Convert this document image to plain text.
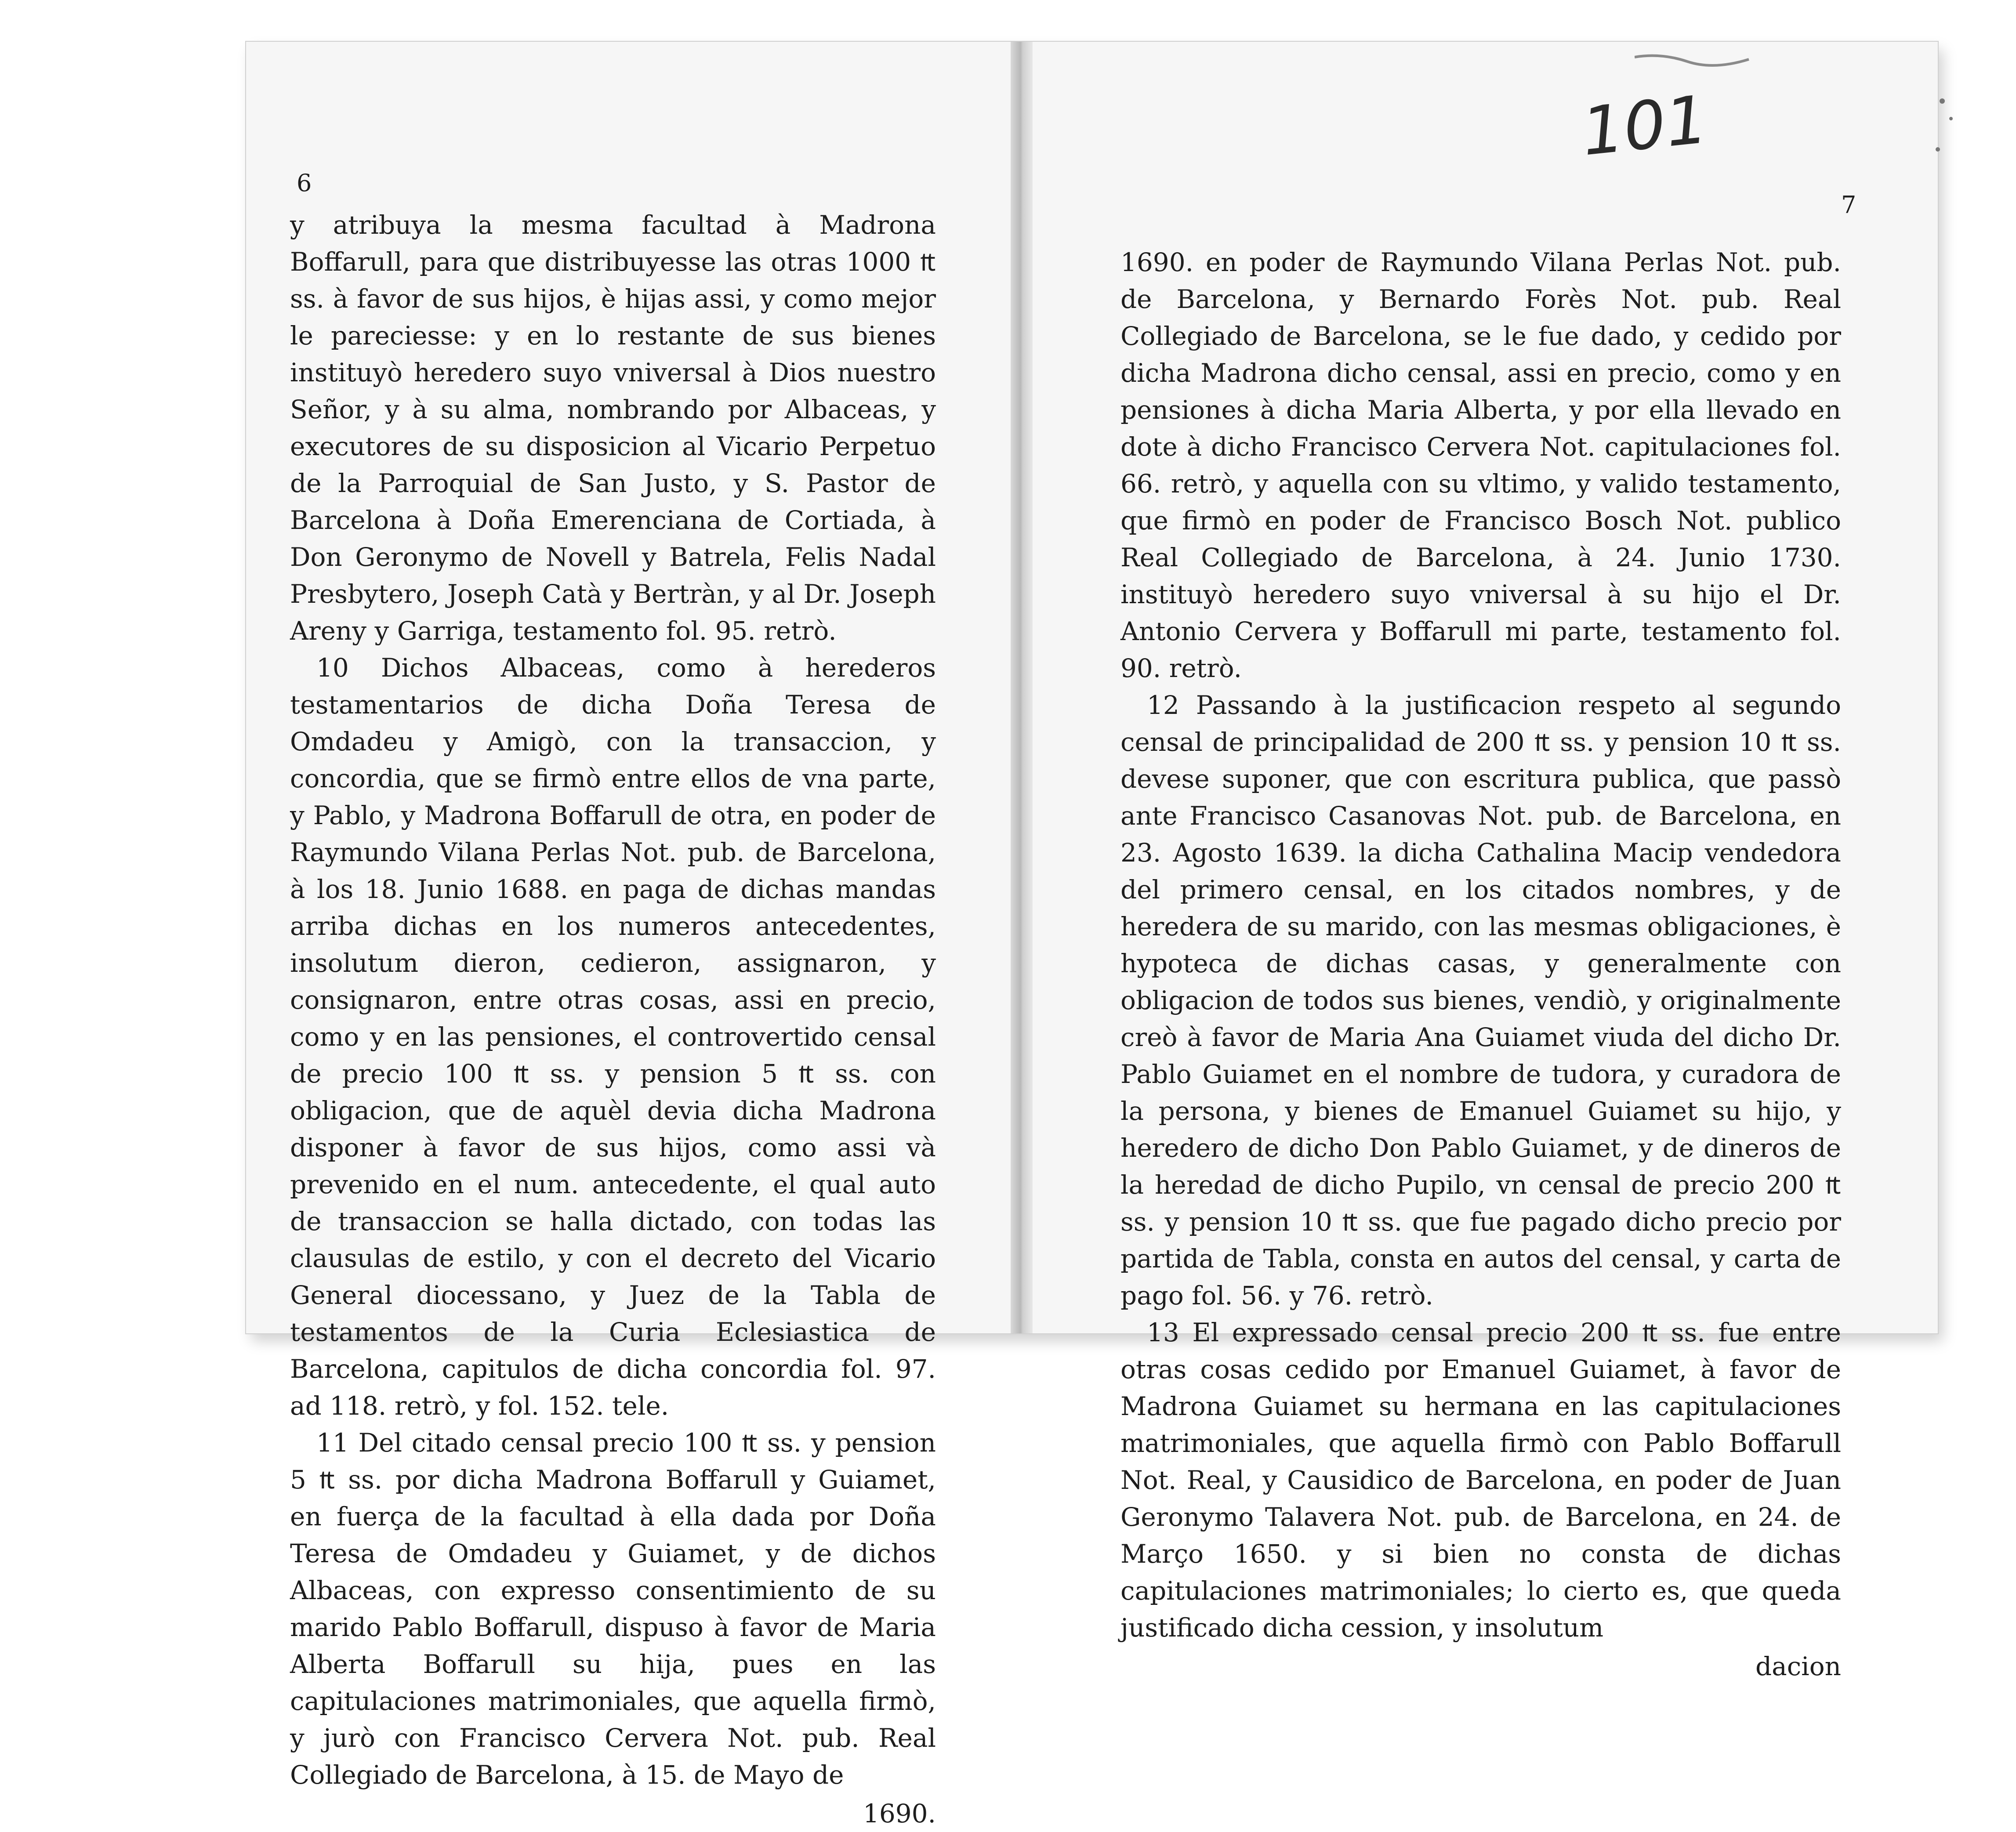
6

y atribuya la mesma facultad à Madrona Boffarull, para que distribuyesse las otras 1000 ₶ ss. à favor de sus hijos, è hijas assi, y como mejor le pareciesse: y en lo restante de sus bienes instituyò heredero suyo vniversal à Dios nuestro Señor, y à su alma, nombrando por Albaceas, y executores de su disposicion al Vicario Perpetuo de la Parroquial de San Justo, y S. Pastor de Barcelona à Doña Emerenciana de Cortiada, à Don Geronymo de Novell y Batrela, Felis Nadal Presbytero, Joseph Catà y Bertràn, y al Dr. Joseph Areny y Garriga, testamento fol. 95. retrò.

10 Dichos Albaceas, como à herederos testamentarios de dicha Doña Teresa de Omdadeu y Amigò, con la transaccion, y concordia, que se firmò entre ellos de vna parte, y Pablo, y Madrona Boffarull de otra, en poder de Raymundo Vilana Perlas Not. pub. de Barcelona, à los 18. Junio 1688. en paga de dichas mandas arriba dichas en los numeros antecedentes, insolutum dieron, cedieron, assignaron, y consignaron, entre otras cosas, assi en precio, como y en las pensiones, el controvertido censal de precio 100 ₶ ss. y pension 5 ₶ ss. con obligacion, que de aquèl devia dicha Madrona disponer à favor de sus hijos, como assi và prevenido en el num. antecedente, el qual auto de transaccion se halla dictado, con todas las clausulas de estilo, y con el decreto del Vicario General diocessano, y Juez de la Tabla de testamentos de la Curia Eclesiastica de Barcelona, capitulos de dicha concordia fol. 97. ad 118. retrò, y fol. 152. tele.

11 Del citado censal precio 100 ₶ ss. y pension 5 ₶ ss. por dicha Madrona Boffarull y Guiamet, en fuerça de la facultad à ella dada por Doña Teresa de Omdadeu y Guiamet, y de dichos Albaceas, con expresso consentimiento de su marido Pablo Boffarull, dispuso à favor de Maria Alberta Boffarull su hija, pues en las capitulaciones matrimoniales, que aquella firmò, y jurò con Francisco Cervera Not. pub. Real Collegiado de Barcelona, à 15. de Mayo de

1690.
7

1690. en poder de Raymundo Vilana Perlas Not. pub. de Barcelona, y Bernardo Forès Not. pub. Real Collegiado de Barcelona, se le fue dado, y cedido por dicha Madrona dicho censal, assi en precio, como y en pensiones à dicha Maria Alberta, y por ella llevado en dote à dicho Francisco Cervera Not. capitulaciones fol. 66. retrò, y aquella con su vltimo, y valido testamento, que firmò en poder de Francisco Bosch Not. publico Real Collegiado de Barcelona, à 24. Junio 1730. instituyò heredero suyo vniversal à su hijo el Dr. Antonio Cervera y Boffarull mi parte, testamento fol. 90. retrò.

12 Passando à la justificacion respeto al segundo censal de principalidad de 200 ₶ ss. y pension 10 ₶ ss. devese suponer, que con escritura publica, que passò ante Francisco Casanovas Not. pub. de Barcelona, en 23. Agosto 1639. la dicha Cathalina Macip vendedora del primero censal, en los citados nombres, y de heredera de su marido, con las mesmas obligaciones, è hypoteca de dichas casas, y generalmente con obligacion de todos sus bienes, vendiò, y originalmente creò à favor de Maria Ana Guiamet viuda del dicho Dr. Pablo Guiamet en el nombre de tudora, y curadora de la persona, y bienes de Emanuel Guiamet su hijo, y heredero de dicho Don Pablo Guiamet, y de dineros de la heredad de dicho Pupilo, vn censal de precio 200 ₶ ss. y pension 10 ₶ ss. que fue pagado dicho precio por partida de Tabla, consta en autos del censal, y carta de pago fol. 56. y 76. retrò.

13 El expressado censal precio 200 ₶ ss. fue entre otras cosas cedido por Emanuel Guiamet, à favor de Madrona Guiamet su hermana en las capitulaciones matrimoniales, que aquella firmò con Pablo Boffarull Not. Real, y Causidico de Barcelona, en poder de Juan Geronymo Talavera Not. pub. de Barcelona, en 24. de Março 1650. y si bien no consta de dichas capitulaciones matrimoniales; lo cierto es, que queda justificado dicha cession, y insolutum

dacion
101
